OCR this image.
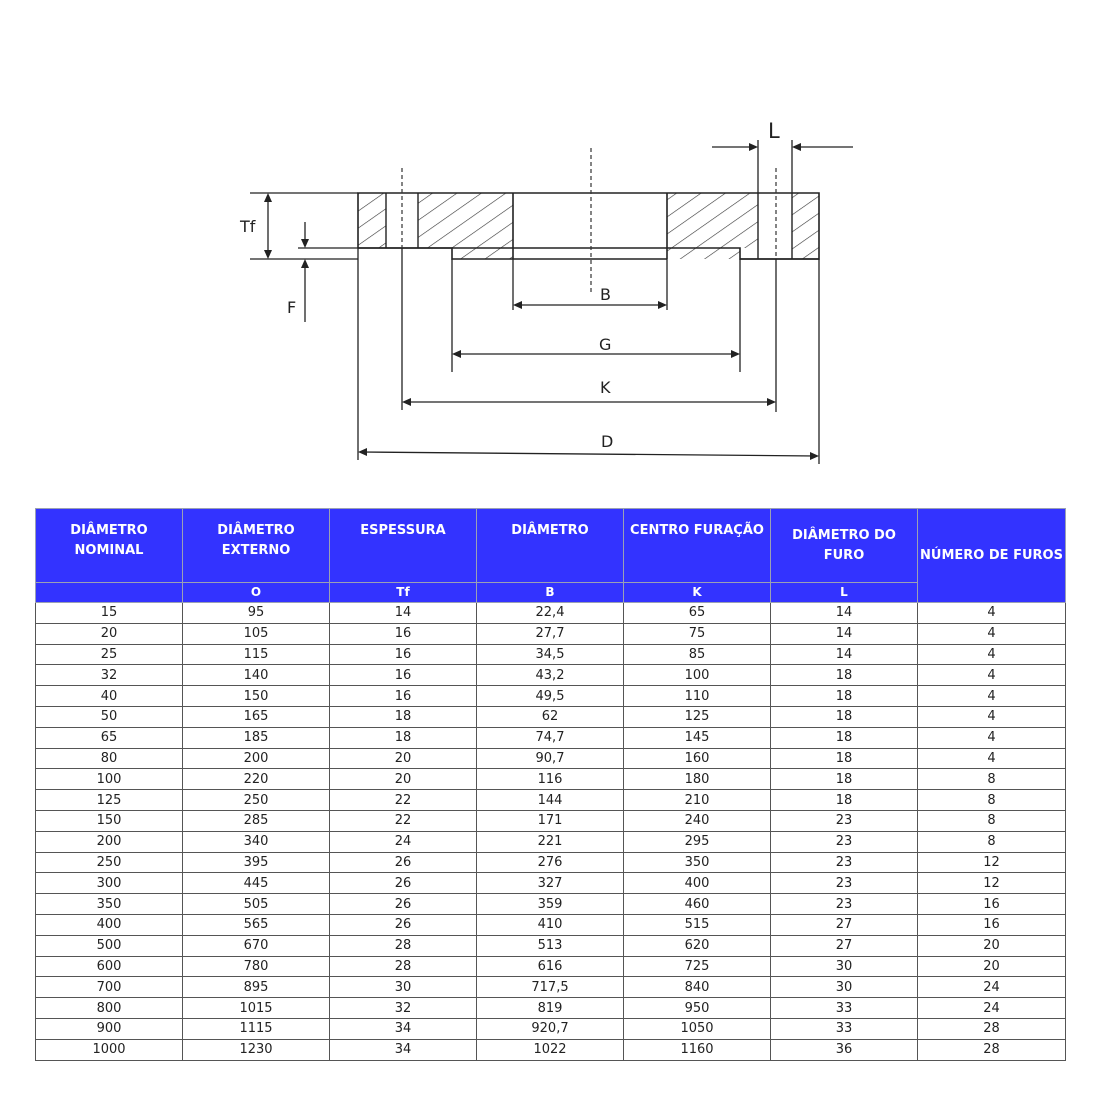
Tf
F
L
B
G
K
D
DIÂMETRO NOMINAL	DIÂMETRO EXTERNO	ESPESSURA	DIÂMETRO	CENTRO FURAÇÃO	DIÂMETRO DO FURO	NÚMERO DE FUROS
	O	Tf	B	K	L	
15	95	14	22,4	65	14	4
20	105	16	27,7	75	14	4
25	115	16	34,5	85	14	4
32	140	16	43,2	100	18	4
40	150	16	49,5	110	18	4
50	165	18	62	125	18	4
65	185	18	74,7	145	18	4
80	200	20	90,7	160	18	4
100	220	20	116	180	18	8
125	250	22	144	210	18	8
150	285	22	171	240	23	8
200	340	24	221	295	23	8
250	395	26	276	350	23	12
300	445	26	327	400	23	12
350	505	26	359	460	23	16
400	565	26	410	515	27	16
500	670	28	513	620	27	20
600	780	28	616	725	30	20
700	895	30	717,5	840	30	24
800	1015	32	819	950	33	24
900	1115	34	920,7	1050	33	28
1000	1230	34	1022	1160	36	28
